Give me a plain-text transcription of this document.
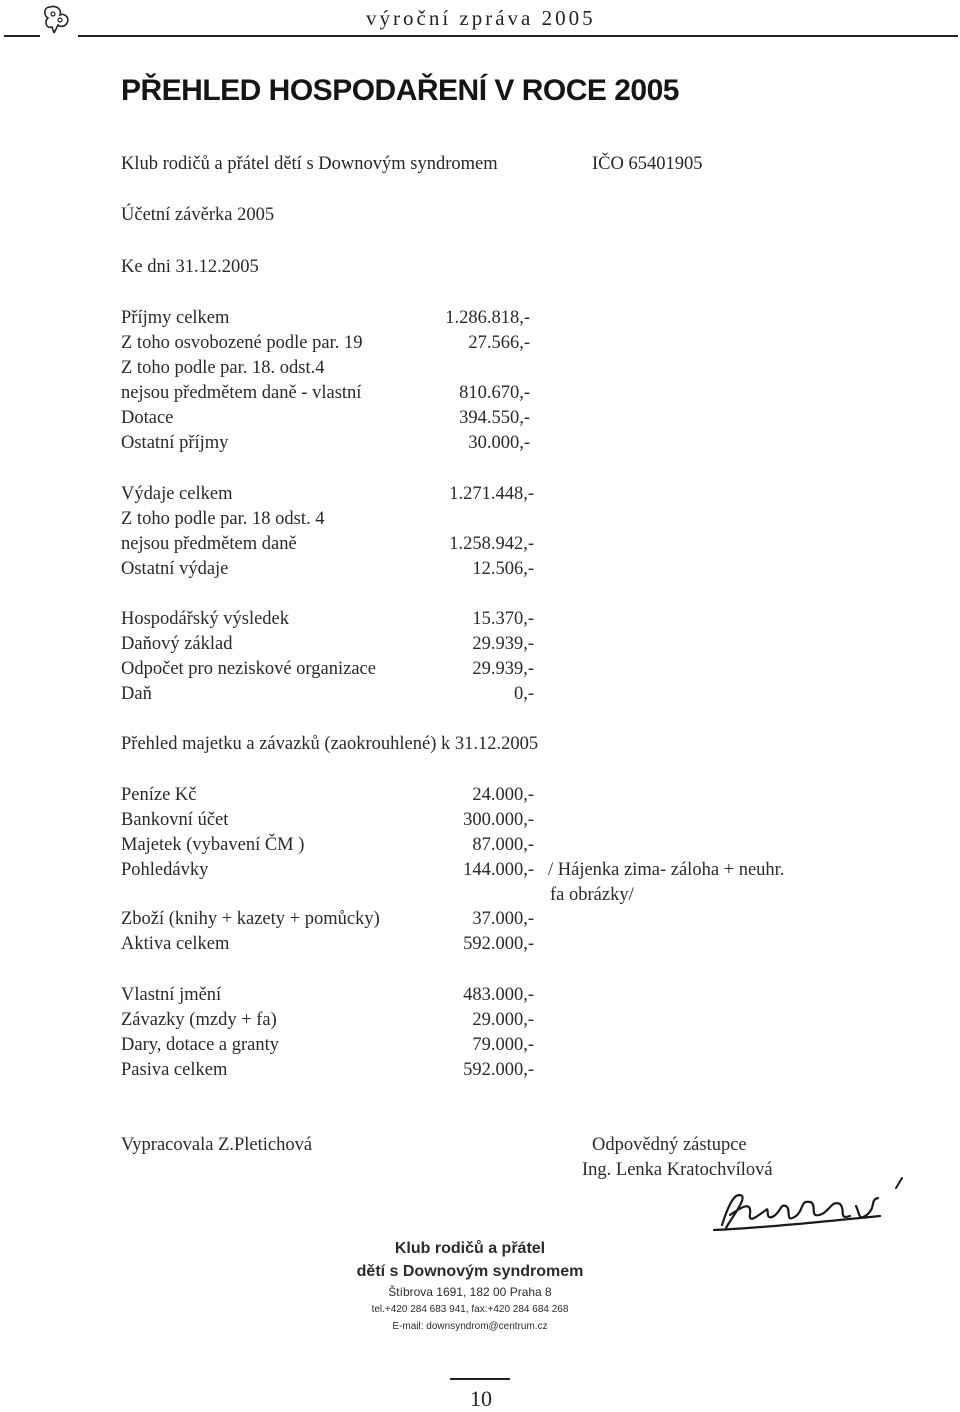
výroční zpráva 2005
PŘEHLED HOSPODAŘENÍ V ROCE 2005
Klub rodičů a přátel dětí s Downovým syndromem	IČO 65401905
Účetní závěrka 2005
Ke dni 31.12.2005
Příjmy celkem	1.286.818,-
Z toho osvobozené podle par. 19	27.566,-
Z toho podle par. 18. odst.4
nejsou předmětem daně - vlastní	810.670,-
Dotace	394.550,-
Ostatní příjmy	30.000,-
Výdaje celkem	1.271.448,-
Z toho podle par. 18 odst. 4
nejsou předmětem daně	1.258.942,-
Ostatní výdaje	12.506,-
Hospodářský výsledek	15.370,-
Daňový základ	29.939,-
Odpočet pro neziskové organizace	29.939,-
Daň	0,-
Přehled majetku a závazků (zaokrouhlené) k 31.12.2005
Peníze Kč	24.000,-
Bankovní účet	300.000,-
Majetek (vybavení ČM )	87.000,-
Pohledávky	144.000,- / Hájenka zima- záloha + neuhr.
fa obrázky/
Zboží (knihy + kazety + pomůcky)	37.000,-
Aktiva celkem	592.000,-
Vlastní jmění	483.000,-
Závazky (mzdy + fa)	29.000,-
Dary, dotace a granty	79.000,-
Pasiva celkem	592.000,-
Vypracovala Z.Pletichová	Odpovědný zástupce
Ing. Lenka Kratochvílová
Klub rodičů a přátel
dětí s Downovým syndromem
Štíbrova 1691, 182 00 Praha 8
tel.+420 284 683 941, fax:+420 284 684 268
E-mail: downsyndrom@centrum.cz
10
